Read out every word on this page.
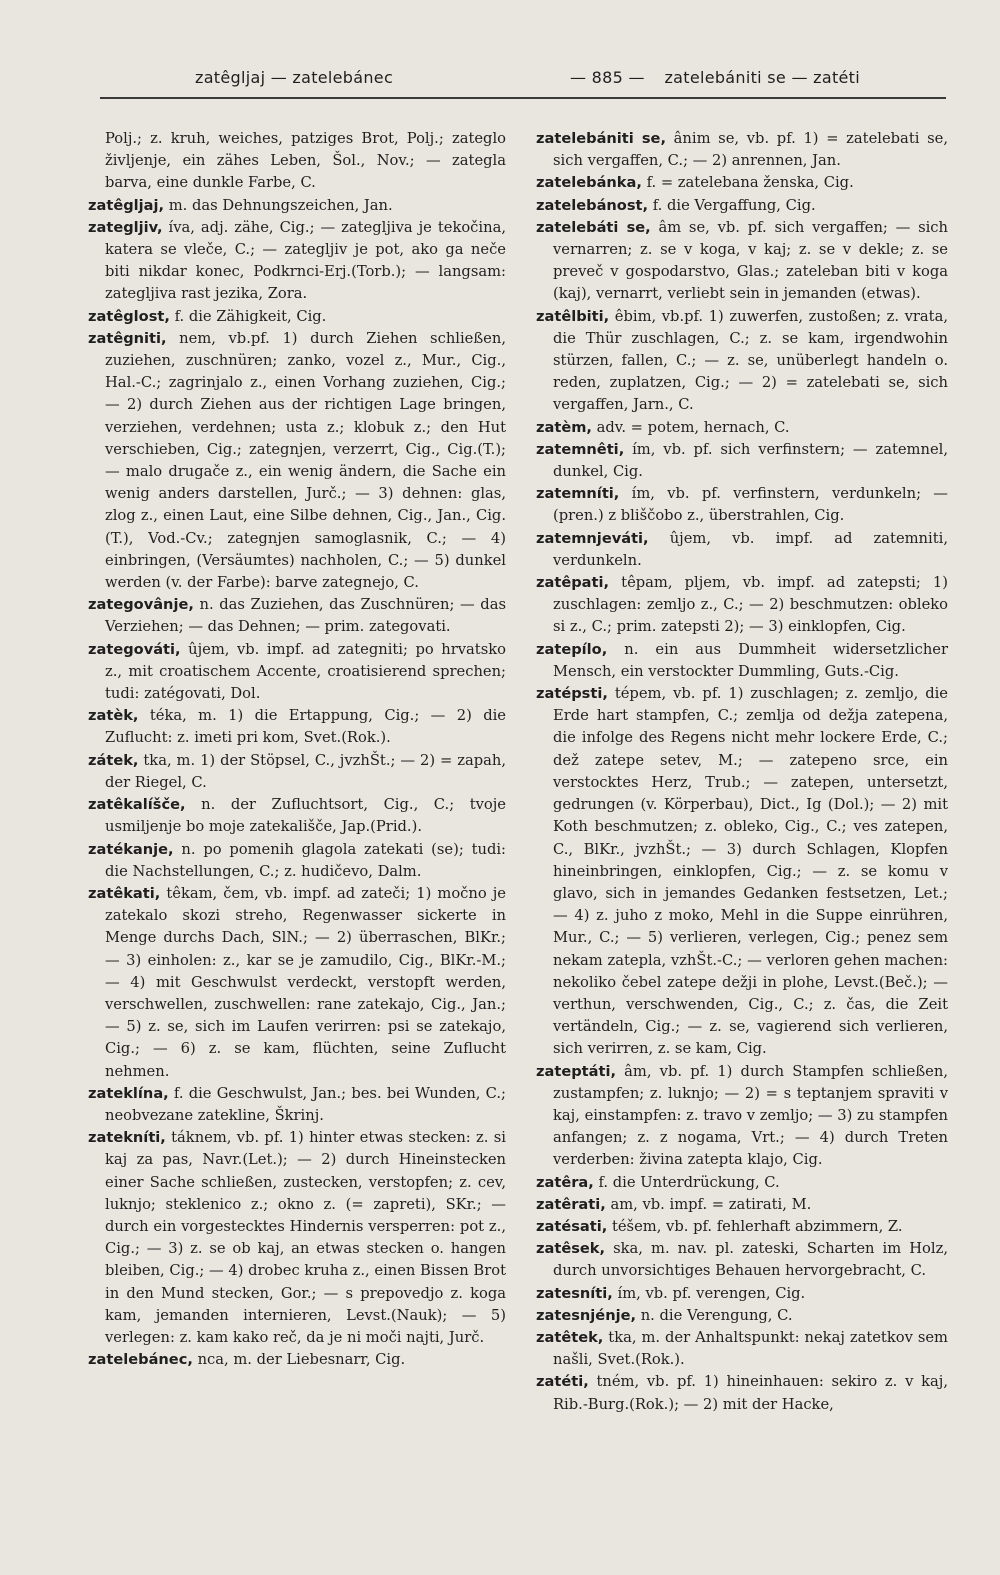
zatêgljaj — zatelebánec	— 885 — zatelebániti se — zatéti

Polj.; z. kruh, weiches, patziges Brot, Polj.; zateglo življenje, ein zähes Leben, Šol., Nov.; — zategla barva, eine dunkle Farbe, C.

zatêgljaj, m. das Dehnungszeichen, Jan.

zategljiv, íva, adj. zähe, Cig.; — zategljiva je tekočina, katera se vleče, C.; — zategljiv je pot, ako ga neče biti nikdar konec, Podkrnci-Erj.(Torb.); — langsam: zategljiva rast jezika, Zora.

zatêglost, f. die Zähigkeit, Cig.

zatêgniti, nem, vb.pf. 1) durch Ziehen schließen, zuziehen, zuschnüren; zanko, vozel z., Mur., Cig., Hal.-C.; zagrinjalo z., einen Vorhang zuziehen, Cig.; — 2) durch Ziehen aus der richtigen Lage bringen, verziehen, verdehnen; usta z.; klobuk z.; den Hut verschieben, Cig.; zategnjen, verzerrt, Cig., Cig.(T.); — malo drugače z., ein wenig ändern, die Sache ein wenig anders darstellen, Jurč.; — 3) dehnen: glas, zlog z., einen Laut, eine Silbe dehnen, Cig., Jan., Cig.(T.), Vod.-Cv.; zategnjen samoglasnik, C.; — 4) einbringen, (Versäumtes) nachholen, C.; — 5) dunkel werden (v. der Farbe): barve zategnejo, C.

zategovânje, n. das Zuziehen, das Zuschnüren; — das Verziehen; — das Dehnen; — prim. zategovati.

zategováti, ûjem, vb. impf. ad zategniti; po hrvatsko z., mit croatischem Accente, croatisierend sprechen; tudi: zatégovati, Dol.

zatèk, téka, m. 1) die Ertappung, Cig.; — 2) die Zuflucht: z. imeti pri kom, Svet.(Rok.).

zátek, tka, m. 1) der Stöpsel, C., jvzhŠt.; — 2) = zapah, der Riegel, C.

zatêkalíšče, n. der Zufluchtsort, Cig., C.; tvoje usmiljenje bo moje zatekališče, Jap.(Prid.).

zatékanje, n. po pomenih glagola zatekati (se); tudi: die Nachstellungen, C.; z. hudičevo, Dalm.

zatêkati, têkam, čem, vb. impf. ad zateči; 1) močno je zatekalo skozi streho, Regenwasser sickerte in Menge durchs Dach, SlN.; — 2) überraschen, BlKr.; — 3) einholen: z., kar se je zamudilo, Cig., BlKr.-M.; — 4) mit Geschwulst verdeckt, verstopft werden, verschwellen, zuschwellen: rane zatekajo, Cig., Jan.; — 5) z. se, sich im Laufen verirren: psi se zatekajo, Cig.; — 6) z. se kam, flüchten, seine Zuflucht nehmen.

zateklína, f. die Geschwulst, Jan.; bes. bei Wunden, C.; neobvezane zatekline, Škrinj.

zatekníti, táknem, vb. pf. 1) hinter etwas stecken: z. si kaj za pas, Navr.(Let.); — 2) durch Hineinstecken einer Sache schließen, zustecken, verstopfen; z. cev, luknjo; steklenico z.; okno z. (= zapreti), SKr.; — durch ein vorgestecktes Hindernis versperren: pot z., Cig.; — 3) z. se ob kaj, an etwas stecken o. hangen bleiben, Cig.; — 4) drobec kruha z., einen Bissen Brot in den Mund stecken, Gor.; — s prepovedjo z. koga kam, jemanden internieren, Levst.(Nauk); — 5) verlegen: z. kam kako reč, da je ni moči najti, Jurč.

zatelebánec, nca, m. der Liebesnarr, Cig.

zatelebániti se, ânim se, vb. pf. 1) = zatelebati se, sich vergaffen, C.; — 2) anrennen, Jan.

zatelebánka, f. = zatelebana ženska, Cig.

zatelebánost, f. die Vergaffung, Cig.

zatelebáti se, âm se, vb. pf. sich vergaffen; — sich vernarren; z. se v koga, v kaj; z. se v dekle; z. se preveč v gospodarstvo, Glas.; zateleban biti v koga (kaj), vernarrt, verliebt sein in jemanden (etwas).

zatêlbiti, êbim, vb.pf. 1) zuwerfen, zustoßen; z. vrata, die Thür zuschlagen, C.; z. se kam, irgendwohin stürzen, fallen, C.; — z. se, unüberlegt handeln o. reden, zuplatzen, Cig.; — 2) = zatelebati se, sich vergaffen, Jarn., C.

zatèm, adv. = potem, hernach, C.

zatemnêti, ím, vb. pf. sich verfinstern; — zatemnel, dunkel, Cig.

zatemníti, ím, vb. pf. verfinstern, verdunkeln; — (pren.) z bliščobo z., überstrahlen, Cig.

zatemnjeváti, ûjem, vb. impf. ad zatemniti, verdunkeln.

zatêpati, têpam, pljem, vb. impf. ad zatepsti; 1) zuschlagen: zemljo z., C.; — 2) beschmutzen: obleko si z., C.; prim. zatepsti 2); — 3) einklopfen, Cig.

zatepílo, n. ein aus Dummheit widersetzlicher Mensch, ein verstockter Dummling, Guts.-Cig.

zatépsti, tépem, vb. pf. 1) zuschlagen; z. zemljo, die Erde hart stampfen, C.; zemlja od dežja zatepena, die infolge des Regens nicht mehr lockere Erde, C.; dež zatepe setev, M.; — zatepeno srce, ein verstocktes Herz, Trub.; — zatepen, untersetzt, gedrungen (v. Körperbau), Dict., Ig (Dol.); — 2) mit Koth beschmutzen; z. obleko, Cig., C.; ves zatepen, C., BlKr., jvzhŠt.; — 3) durch Schlagen, Klopfen hineinbringen, einklopfen, Cig.; — z. se komu v glavo, sich in jemandes Gedanken festsetzen, Let.; — 4) z. juho z moko, Mehl in die Suppe einrühren, Mur., C.; — 5) verlieren, verlegen, Cig.; penez sem nekam zatepla, vzhŠt.-C.; — verloren gehen machen: nekoliko čebel zatepe dežji in plohe, Levst.(Beč.); — verthun, verschwenden, Cig., C.; z. čas, die Zeit vertändeln, Cig.; — z. se, vagierend sich verlieren, sich verirren, z. se kam, Cig.

zateptáti, âm, vb. pf. 1) durch Stampfen schließen, zustampfen; z. luknjo; — 2) = s teptanjem spraviti v kaj, einstampfen: z. travo v zemljo; — 3) zu stampfen anfangen; z. z nogama, Vrt.; — 4) durch Treten verderben: živina zatepta klajo, Cig.

zatêra, f. die Unterdrückung, C.

zatêrati, am, vb. impf. = zatirati, M.

zatésati, téšem, vb. pf. fehlerhaft abzimmern, Z.

zatêsek, ska, m. nav. pl. zateski, Scharten im Holz, durch unvorsichtiges Behauen hervorgebracht, C.

zatesníti, ím, vb. pf. verengen, Cig.

zatesnjénje, n. die Verengung, C.

zatêtek, tka, m. der Anhaltspunkt: nekaj zatetkov sem našli, Svet.(Rok.).

zatéti, tném, vb. pf. 1) hineinhauen: sekiro z. v kaj, Rib.-Burg.(Rok.); — 2) mit der Hacke,
